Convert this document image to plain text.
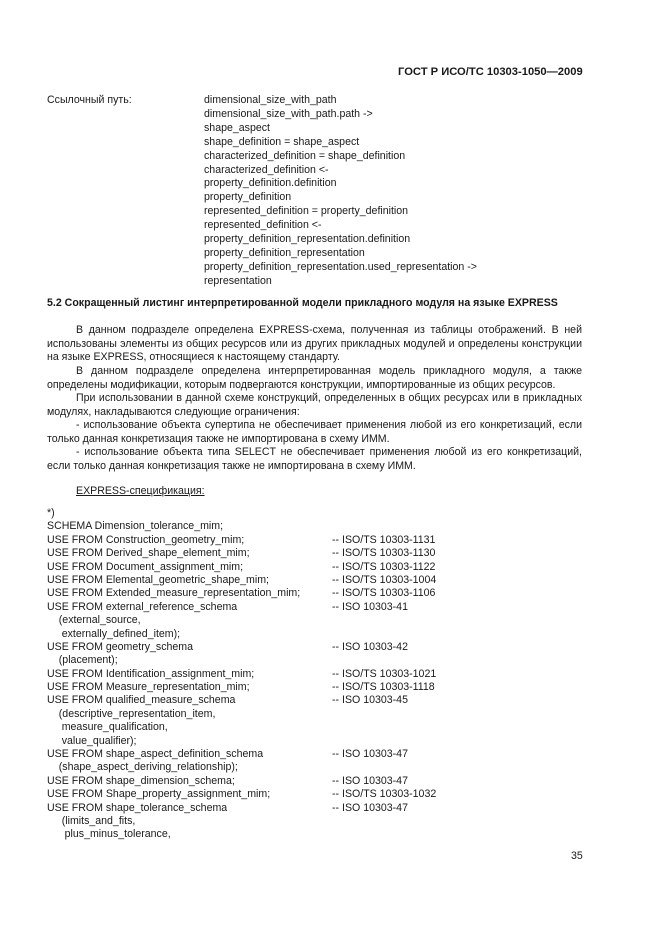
ГОСТ Р ИСО/ТС 10303-1050—2009
Ссылочный путь:	dimensional_size_with_path
dimensional_size_with_path.path ->
shape_aspect
shape_definition = shape_aspect
characterized_definition = shape_definition
characterized_definition <-
property_definition.definition
property_definition
represented_definition = property_definition
represented_definition <-
property_definition_representation.definition
property_definition_representation
property_definition_representation.used_representation ->
representation
5.2 Сокращенный листинг интерпретированной модели прикладного модуля на языке EXPRESS
В данном подразделе определена EXPRESS-схема, полученная из таблицы отображений. В ней использованы элементы из общих ресурсов или из других прикладных модулей и определены конструкции на языке EXPRESS, относящиеся к настоящему стандарту.
В данном подразделе определена интерпретированная модель прикладного модуля, а также определены модификации, которым подвергаются конструкции, импортированные из общих ресурсов.
При использовании в данной схеме конструкций, определенных в общих ресурсах или в прикладных модулях, накладываются следующие ограничения:
- использование объекта супертипа не обеспечивает применения любой из его конкретизаций, если только данная конкретизация также не импортирована в схему ИММ.
- использование объекта типа SELECT не обеспечивает применения любой из его конкретизаций, если только данная конкретизация также не импортирована в схему ИММ.
EXPRESS-спецификация:
*)
SCHEMA Dimension_tolerance_mim;
USE FROM Construction_geometry_mim;	-- ISO/TS 10303-1131
USE FROM Derived_shape_element_mim;	-- ISO/TS 10303-1130
USE FROM Document_assignment_mim;	-- ISO/TS 10303-1122
USE FROM Elemental_geometric_shape_mim;	-- ISO/TS 10303-1004
USE FROM Extended_measure_representation_mim;	-- ISO/TS 10303-1106
USE FROM external_reference_schema	-- ISO 10303-41
(external_source,
externally_defined_item);
USE FROM geometry_schema	-- ISO 10303-42
(placement);
USE FROM Identification_assignment_mim;	-- ISO/TS 10303-1021
USE FROM Measure_representation_mim;	-- ISO/TS 10303-1118
USE FROM qualified_measure_schema	-- ISO 10303-45
(descriptive_representation_item,
measure_qualification,
value_qualifier);
USE FROM shape_aspect_definition_schema	-- ISO 10303-47
(shape_aspect_deriving_relationship);
USE FROM shape_dimension_schema;	-- ISO 10303-47
USE FROM Shape_property_assignment_mim;	-- ISO/TS 10303-1032
USE FROM shape_tolerance_schema	-- ISO 10303-47
(limits_and_fits,
plus_minus_tolerance,
35
